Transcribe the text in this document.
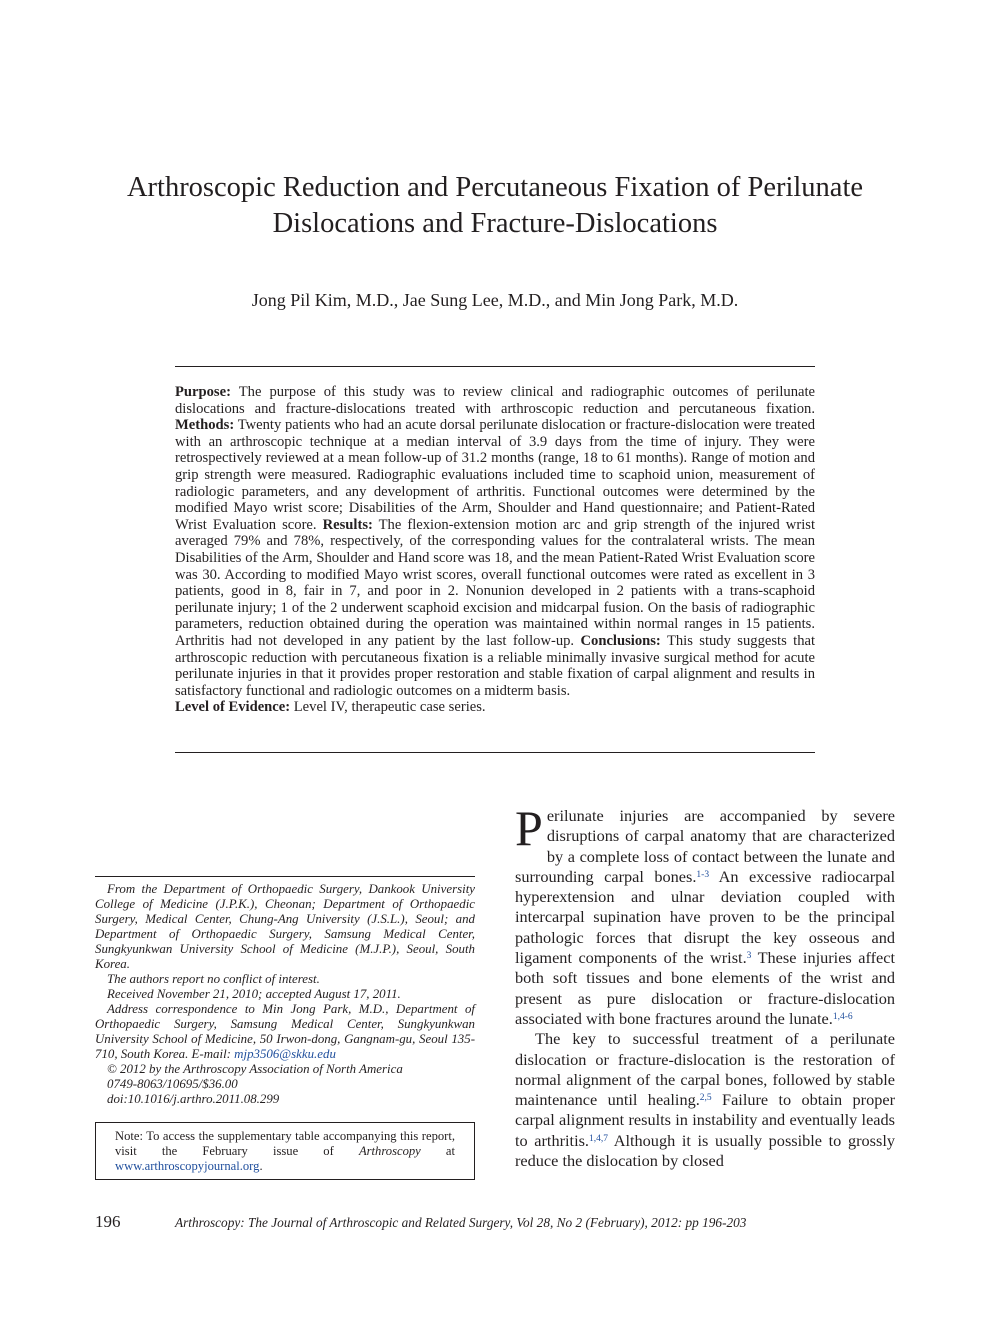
Arthroscopic Reduction and Percutaneous Fixation of Perilunate
Dislocations and Fracture-Dislocations
Jong Pil Kim, M.D., Jae Sung Lee, M.D., and Min Jong Park, M.D.
Purpose: The purpose of this study was to review clinical and radiographic outcomes of perilunate dislocations and fracture-dislocations treated with arthroscopic reduction and percutaneous fixation. Methods: Twenty patients who had an acute dorsal perilunate dislocation or fracture-dislocation were treated with an arthroscopic technique at a median interval of 3.9 days from the time of injury. They were retrospectively reviewed at a mean follow-up of 31.2 months (range, 18 to 61 months). Range of motion and grip strength were measured. Radiographic evaluations included time to scaphoid union, measurement of radiologic parameters, and any development of arthritis. Functional outcomes were determined by the modified Mayo wrist score; Disabilities of the Arm, Shoulder and Hand questionnaire; and Patient-Rated Wrist Evaluation score. Results: The flexion-extension motion arc and grip strength of the injured wrist averaged 79% and 78%, respectively, of the corresponding values for the contralateral wrists. The mean Disabilities of the Arm, Shoulder and Hand score was 18, and the mean Patient-Rated Wrist Evaluation score was 30. According to modified Mayo wrist scores, overall functional outcomes were rated as excellent in 3 patients, good in 8, fair in 7, and poor in 2. Nonunion developed in 2 patients with a trans-scaphoid perilunate injury; 1 of the 2 underwent scaphoid excision and midcarpal fusion. On the basis of radiographic parameters, reduction obtained during the operation was maintained within normal ranges in 15 patients. Arthritis had not developed in any patient by the last follow-up. Conclusions: This study suggests that arthroscopic reduction with percutaneous fixation is a reliable minimally invasive surgical method for acute perilunate injuries in that it provides proper restoration and stable fixation of carpal alignment and results in satisfactory functional and radiologic outcomes on a midterm basis.
Level of Evidence: Level IV, therapeutic case series.

From the Department of Orthopaedic Surgery, Dankook University College of Medicine (J.P.K.), Cheonan; Department of Orthopaedic Surgery, Medical Center, Chung-Ang University (J.S.L.), Seoul; and Department of Orthopaedic Surgery, Samsung Medical Center, Sungkyunkwan University School of Medicine (M.J.P.), Seoul, South Korea.

The authors report no conflict of interest.

Received November 21, 2010; accepted August 17, 2011.

Address correspondence to Min Jong Park, M.D., Department of Orthopaedic Surgery, Samsung Medical Center, Sungkyunkwan University School of Medicine, 50 Irwon-dong, Gangnam-gu, Seoul 135-710, South Korea. E-mail: mjp3506@skku.edu

© 2012 by the Arthroscopy Association of North America

0749-8063/10695/$36.00

doi:10.1016/j.arthro.2011.08.299

Note: To access the supplementary table accompanying this report, visit the February issue of Arthroscopy at www.arthroscopyjournal.org.

Perilunate injuries are accompanied by severe disruptions of carpal anatomy that are characterized by a complete loss of contact between the lunate and surrounding carpal bones.$^{1-3}$ An excessive radiocarpal hyperextension and ulnar deviation coupled with intercarpal supination have proven to be the principal pathologic forces that disrupt the key osseous and ligament components of the wrist.$^3$ These injuries affect both soft tissues and bone elements of the wrist and present as pure dislocation or fracture-dislocation associated with bone fractures around the lunate.$^{1,4-6}$

The key to successful treatment of a perilunate dislocation or fracture-dislocation is the restoration of normal alignment of the carpal bones, followed by stable maintenance until healing.$^{2,5}$ Failure to obtain proper carpal alignment results in instability and eventually leads to arthritis.$^{1,4,7}$ Although it is usually possible to grossly reduce the dislocation by closed

196	Arthroscopy: The Journal of Arthroscopic and Related Surgery, Vol 28, No 2 (February), 2012: pp 196-203
